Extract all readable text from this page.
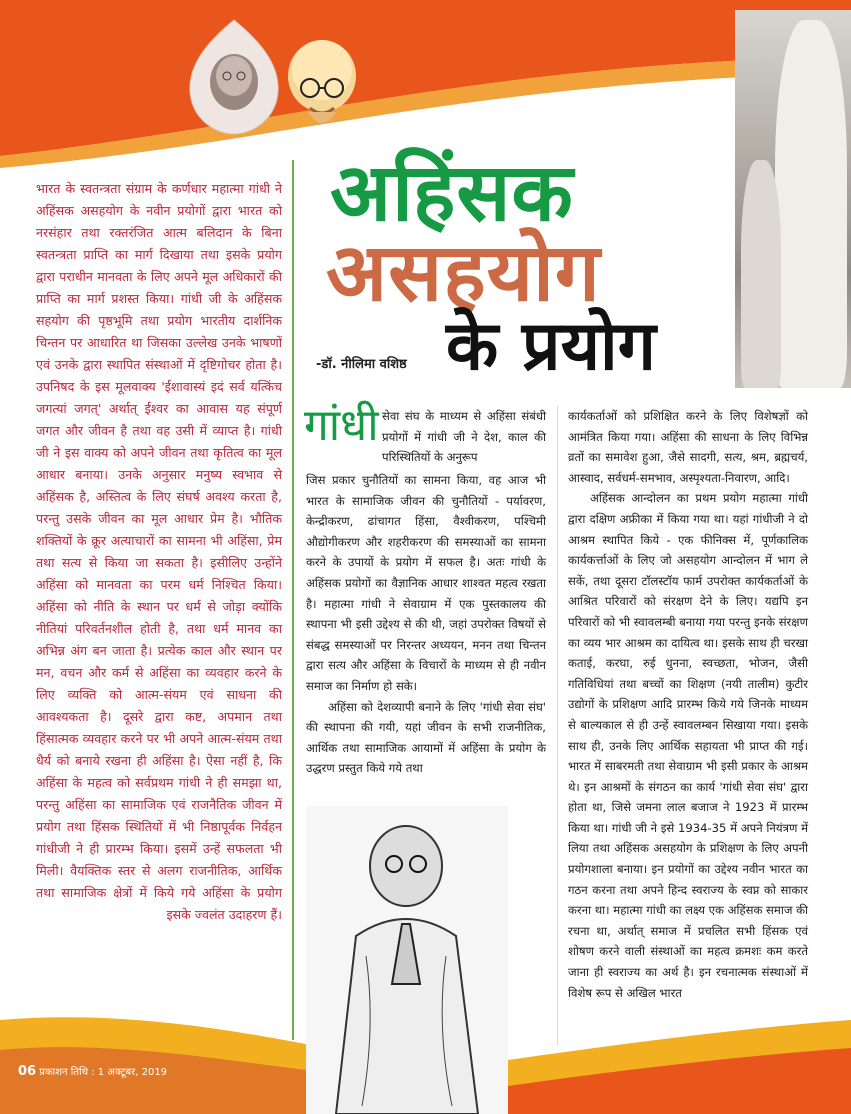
भारत के स्वतन्त्रता संग्राम के कर्णधार महात्मा गांधी ने अहिंसक असहयोग के नवीन प्रयोगों द्वारा भारत को नरसंहार तथा रक्तरंजित आत्म बलिदान के बिना स्वतन्त्रता प्राप्ति का मार्ग दिखाया तथा इसके प्रयोग द्वारा पराधीन मानवता के लिए अपने मूल अधिकारों की प्राप्ति का मार्ग प्रशस्त किया। गांधी जी के अहिंसक सहयोग की पृष्ठभूमि तथा प्रयोग भारतीय दार्शनिक चिन्तन पर आधारित था जिसका उल्लेख उनके भाषणों एवं उनके द्वारा स्थापित संस्थाओं में दृष्टिगोचर होता है। उपनिषद के इस मूलवाक्य 'ईशावास्यं इदं सर्व यत्किंच जगत्यां जगत्' अर्थात् ईश्वर का आवास यह संपूर्ण जगत और जीवन है तथा वह उसी में व्याप्त है। गांधी जी ने इस वाक्य को अपने जीवन तथा कृतित्व का मूल आधार बनाया। उनके अनुसार मनुष्य स्वभाव से अहिंसक है, अस्तित्व के लिए संघर्ष अवश्य करता है, परन्तु उसके जीवन का मूल आधार प्रेम है। भौतिक शक्तियों के क्रूर अत्याचारों का सामना भी अहिंसा, प्रेम तथा सत्य से किया जा सकता है। इसीलिए उन्होंने अहिंसा को मानवता का परम धर्म निश्चित किया। अहिंसा को नीति के स्थान पर धर्म से जोड़ा क्योंकि नीतियां परिवर्तनशील होती है, तथा धर्म मानव का अभिन्न अंग बन जाता है। प्रत्येक काल और स्थान पर मन, वचन और कर्म से अहिंसा का व्यवहार करने के लिए व्यक्ति को आत्म-संयम एवं साधना की आवश्यकता है। दूसरे द्वारा कष्ट, अपमान तथा हिंसात्मक व्यवहार करने पर भी अपने आत्म-संयम तथा धैर्य को बनाये रखना ही अहिंसा है। ऐसा नहीं है, कि अहिंसा के महत्व को सर्वप्रथम गांधी ने ही समझा था, परन्तु अहिंसा का सामाजिक एवं राजनैतिक जीवन में प्रयोग तथा हिंसक स्थितियों में भी निष्ठापूर्वक निर्वहन गांधीजी ने ही प्रारम्भ किया। इसमें उन्हें सफलता भी मिली। वैयक्तिक स्तर से अलग राजनीतिक, आर्थिक तथा सामाजिक क्षेत्रों में किये गये अहिंसा के प्रयोग इसके ज्वलंत उदाहरण हैं।
अहिंसक
असहयोग
के प्रयोग
-डॉ. नीलिमा वशिष्ठ
गांधी सेवा संघ के माध्यम से अहिंसा संबंधी प्रयोगों में गांधी जी ने देश, काल की परिस्थितियों के अनुरूप

जिस प्रकार चुनौतियों का सामना किया, वह आज भी भारत के सामाजिक जीवन की चुनौतियों - पर्यावरण, केन्द्रीकरण, ढांचागत हिंसा, वैश्वीकरण, पश्चिमी औद्योगीकरण और शहरीकरण की समस्याओं का सामना करने के उपायों के प्रयोग में सफल है। अतः गांधी के अहिंसक प्रयोगों का वैज्ञानिक आधार शाश्वत महत्व रखता है। महात्मा गांधी ने सेवाग्राम में एक पुस्तकालय की स्थापना भी इसी उद्देश्य से की थी, जहां उपरोक्त विषयों से संबद्ध समस्याओं पर निरन्तर अध्ययन, मनन तथा चिन्तन द्वारा सत्य और अहिंसा के विचारों के माध्यम से ही नवीन समाज का निर्माण हो सके।

अहिंसा को देशव्यापी बनाने के लिए 'गांधी सेवा संघ' की स्थापना की गयी, यहां जीवन के सभी राजनीतिक, आर्थिक तथा सामाजिक आयामों में अहिंसा के प्रयोग के उद्धरण प्रस्तुत किये गये तथा

कार्यकर्ताओं को प्रशिक्षित करने के लिए विशेषज्ञों को आमंत्रित किया गया। अहिंसा की साधना के लिए विभिन्न व्रतों का समावेश हुआ, जैसे सादगी, सत्य, श्रम, ब्रह्मचर्य, आस्वाद, सर्वधर्म-समभाव, अस्पृश्यता-निवारण, आदि।

अहिंसक आन्दोलन का प्रथम प्रयोग महात्मा गांधी द्वारा दक्षिण अफ्रीका में किया गया था। यहां गांधीजी ने दो आश्रम स्थापित किये - एक फीनिक्स में, पूर्णकालिक कार्यकर्त्ताओं के लिए जो असहयोग आन्दोलन में भाग ले सकें, तथा दूसरा टॉलस्टॉय फार्म उपरोक्त कार्यकर्ताओं के आश्रित परिवारों को संरक्षण देने के लिए। यद्यपि इन परिवारों को भी स्वावलम्बी बनाया गया परन्तु इनके संरक्षण का व्यय भार आश्रम का दायित्व था। इसके साथ ही चरखा कताई, करघा, रुई धुनना, स्वच्छता, भोजन, जैसी गतिविधियां तथा बच्चों का शिक्षण (नयी तालीम) कुटीर उद्योगों के प्रशिक्षण आदि प्रारम्भ किये गये जिनके माध्यम से बाल्यकाल से ही उन्हें स्वावलम्बन सिखाया गया। इसके साथ ही, उनके लिए आर्थिक सहायता भी प्राप्त की गई। भारत में साबरमती तथा सेवाग्राम भी इसी प्रकार के आश्रम थे। इन आश्रमों के संगठन का कार्य 'गांधी सेवा संघ' द्वारा होता था, जिसे जमना लाल बजाज ने 1923 में प्रारम्भ किया था। गांधी जी ने इसे 1934-35 में अपने नियंत्रण में लिया तथा अहिंसक असहयोग के प्रशिक्षण के लिए अपनी प्रयोगशाला बनाया। इन प्रयोगों का उद्देश्य नवीन भारत का गठन करना तथा अपने हिन्द स्वराज्य के स्वप्न को साकार करना था। महात्मा गांधी का लक्ष्य एक अहिंसक समाज की रचना था, अर्थात् समाज में प्रचलित सभी हिंसक एवं शोषण करने वाली संस्थाओं का महत्व क्रमशः कम करते जाना ही स्वराज्य का अर्थ है। इन रचनात्मक संस्थाओं में विशेष रूप से अखिल भारत

06 प्रकाशन तिथि : 1 अक्टूबर, 2019
